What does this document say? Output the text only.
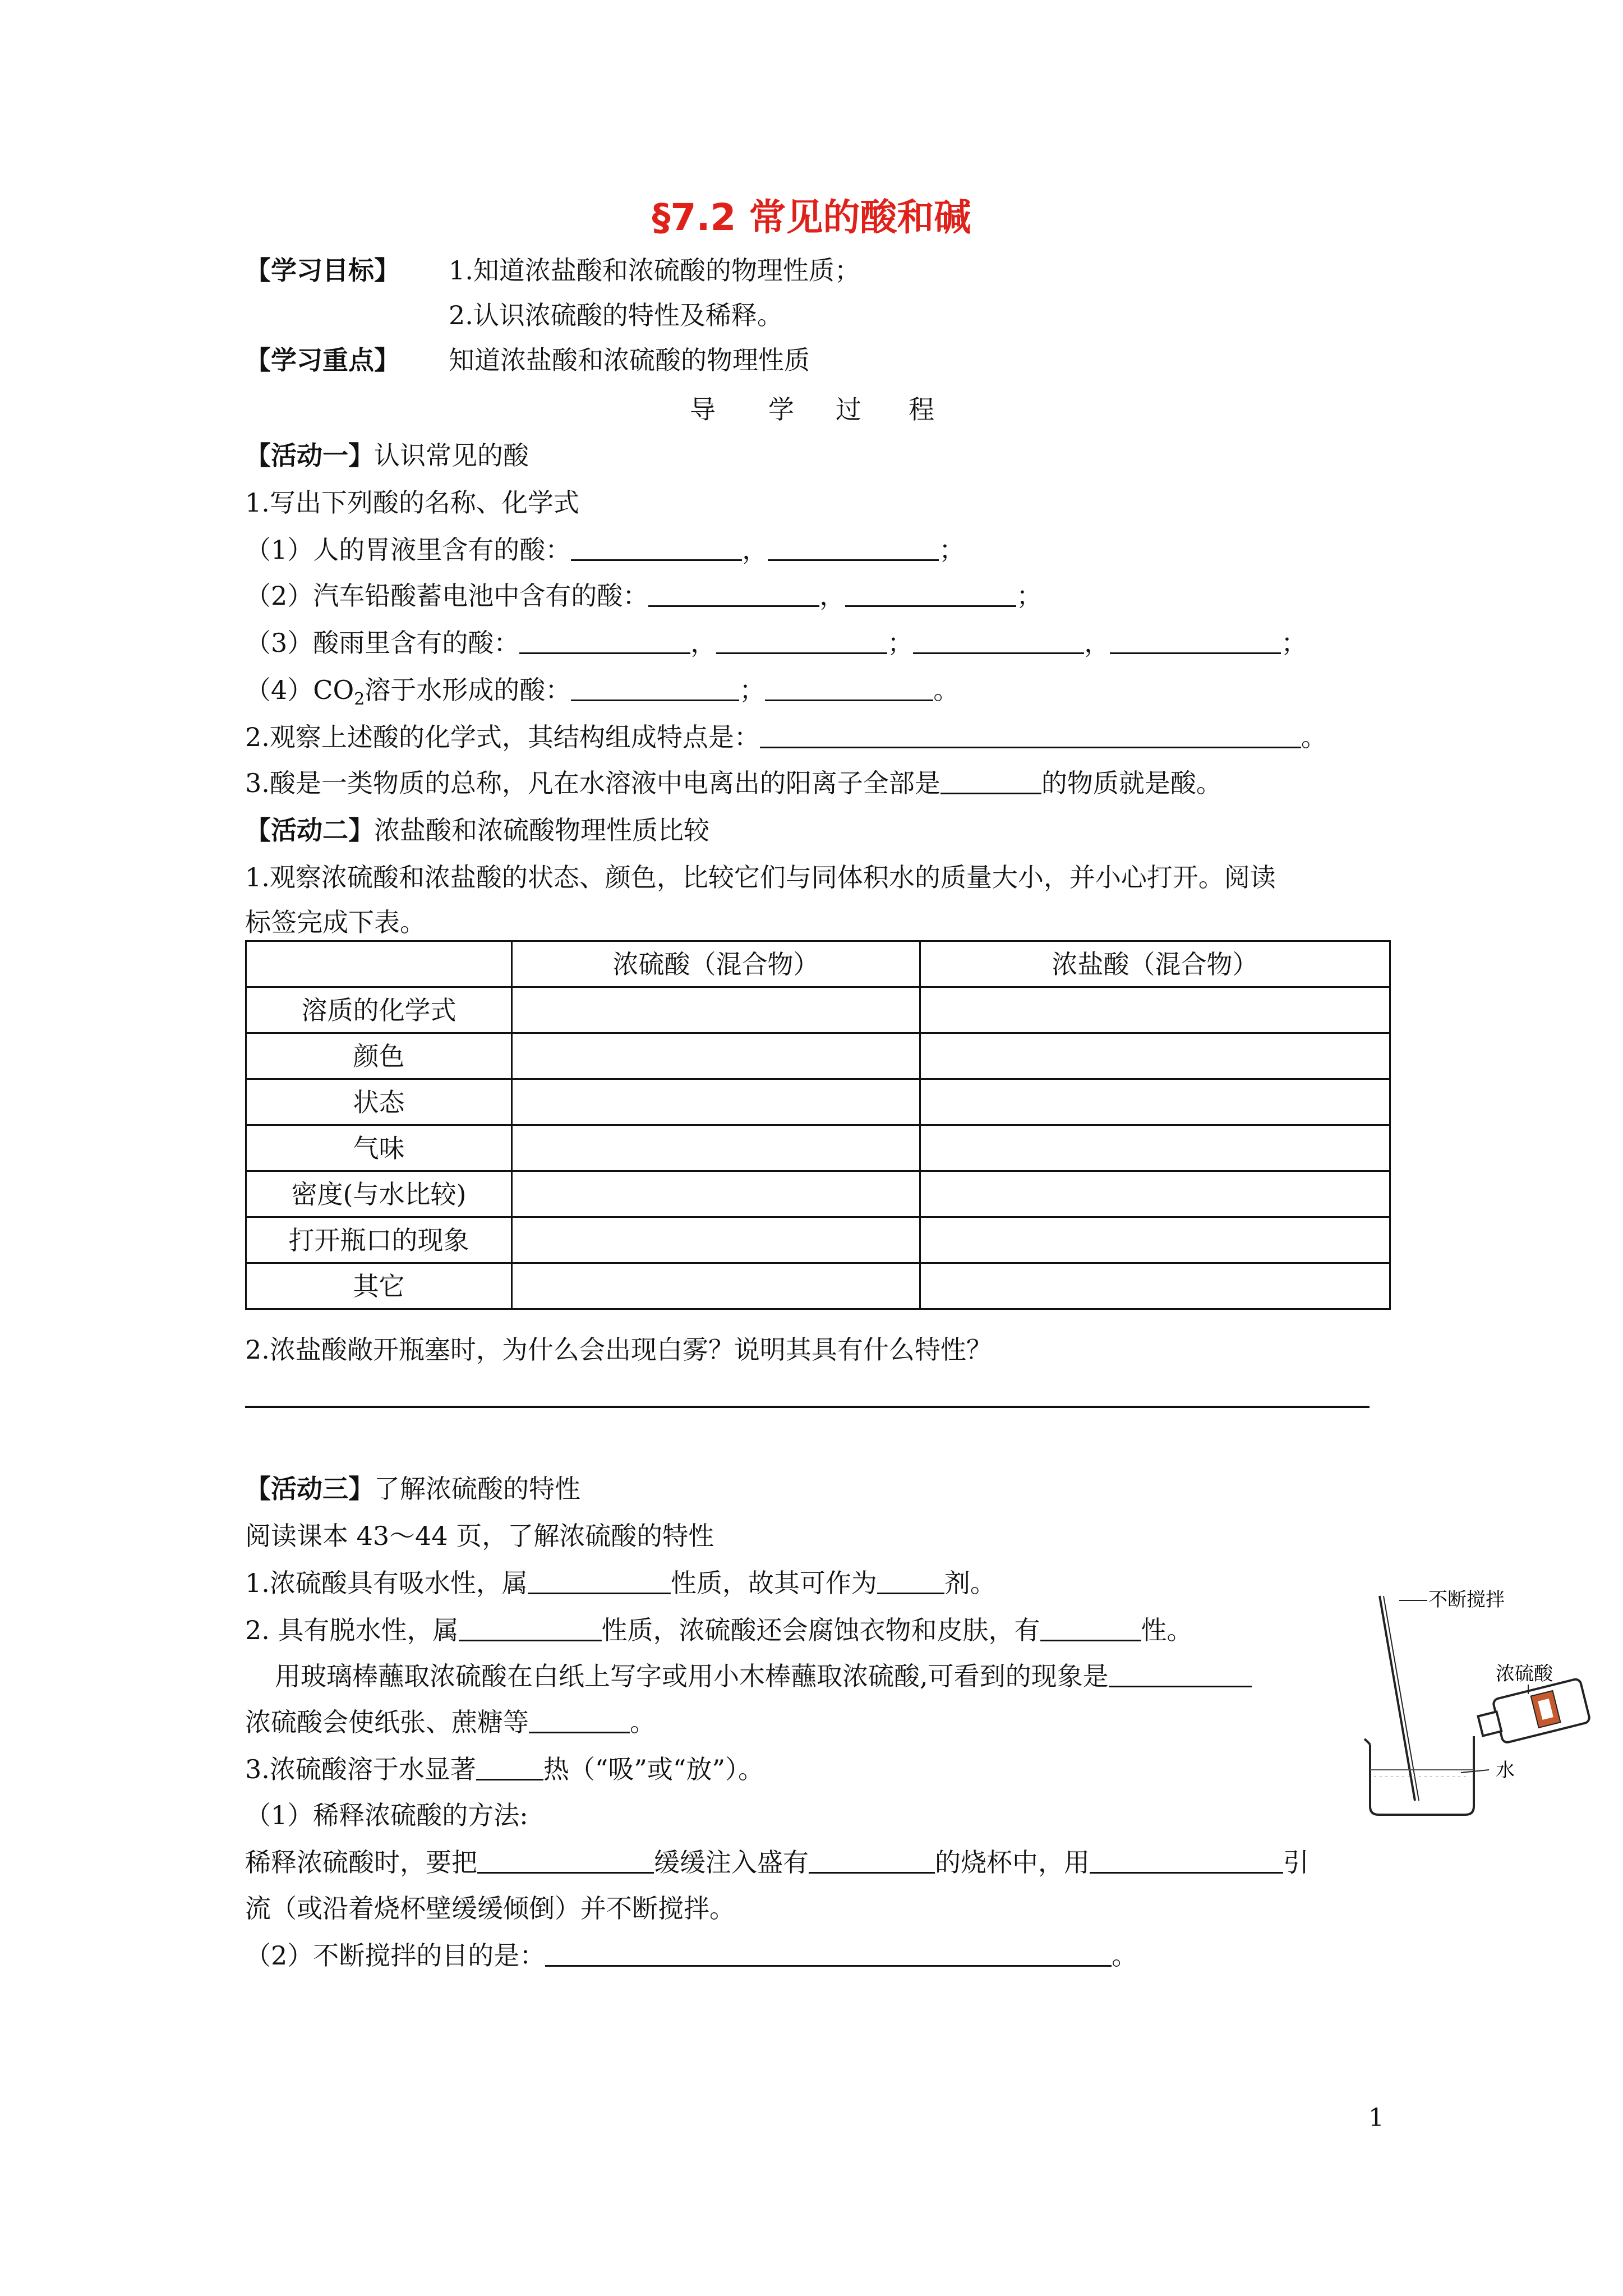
§7.2 常见的酸和碱
【学习目标】 1.知道浓盐酸和浓硫酸的物理性质；
2.认识浓硫酸的特性及稀释。
【学习重点】 知道浓盐酸和浓硫酸的物理性质
导 学 过 程
【活动一】认识常见的酸
1.写出下列酸的名称、化学式
（1）人的胃液里含有的酸：	，	；
（2）汽车铅酸蓄电池中含有的酸：	，	；
（3）酸雨里含有的酸：	，	；	，	；
$(4)CO_2$溶于水形成的酸：	；	。
2.观察上述酸的化学式，其结构组成特点是：	。
3.酸是一类物质的总称，凡在水溶液中电离出的阳离子全部是	的物质就是酸。
【活动二】浓盐酸和浓硫酸物理性质比较
1.观察浓硫酸和浓盐酸的状态、颜色，比较它们与同体积水的质量大小，并小心打开。阅读
标签完成下表。
	浓硫酸（混合物）	浓盐酸（混合物）
溶质的化学式		
颜色		
状态		
气味		
密度(与水比较)		
打开瓶口的现象		
其它		
2.浓盐酸敞开瓶塞时，为什么会出现白雾？说明其具有什么特性？
【活动三】了解浓硫酸的特性
阅读课本 43～44 页，了解浓硫酸的特性
1.浓硫酸具有吸水性，属	性质，故其可作为	剂。
2. 具有脱水性，属	性质，浓硫酸还会腐蚀衣物和皮肤，有	性。
用玻璃棒蘸取浓硫酸在白纸上写字或用小木棒蘸取浓硫酸,可看到的现象是
浓硫酸会使纸张、蔗糖等	。
3.浓硫酸溶于水显著	热（“吸”或“放”）。
（1）稀释浓硫酸的方法:
稀释浓硫酸时，要把	缓缓注入盛有	的烧杯中，用	引
流（或沿着烧杯壁缓缓倾倒）并不断搅拌。
（2）不断搅拌的目的是：	。
不断搅拌
水
浓硫酸
1
